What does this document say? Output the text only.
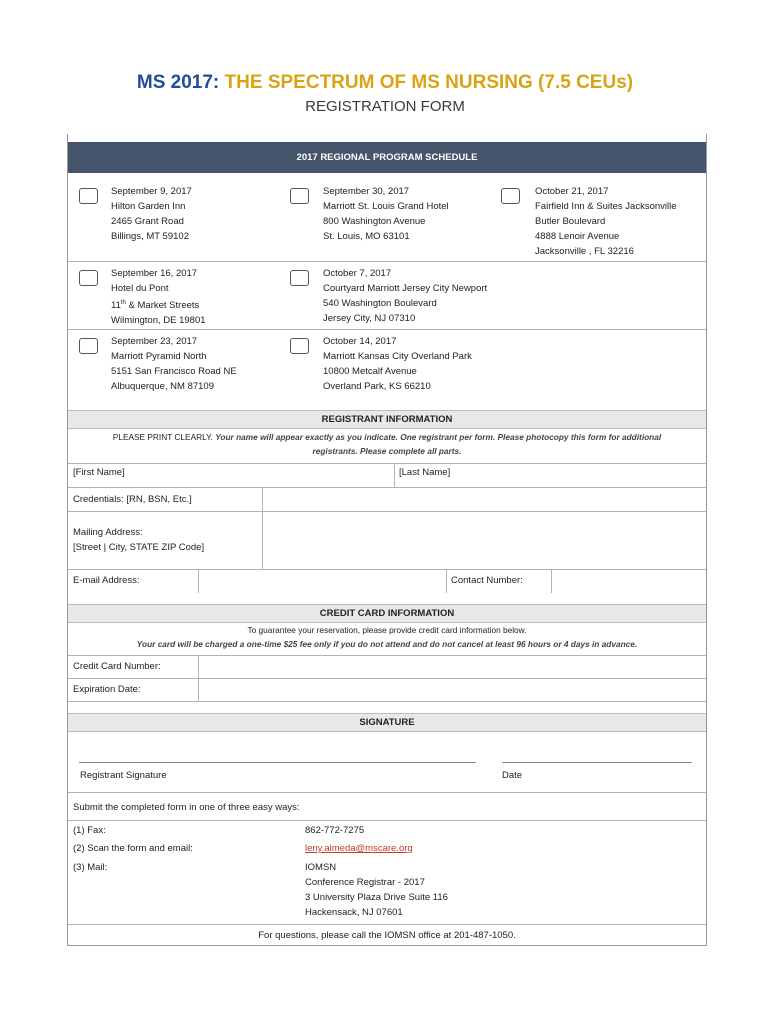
MS 2017: THE SPECTRUM OF MS NURSING (7.5 CEUs)
REGISTRATION FORM
2017 REGIONAL PROGRAM SCHEDULE
September 9, 2017
Hilton Garden Inn
2465 Grant Road
Billings, MT 59102
September 30, 2017
Marriott St. Louis Grand Hotel
800 Washington Avenue
St. Louis, MO 63101
October 21, 2017
Fairfield Inn & Suites Jacksonville
Butler Boulevard
4888 Lenoir Avenue
Jacksonville , FL 32216
September 16, 2017
Hotel du Pont
11th & Market Streets
Wilmington, DE 19801
October 7, 2017
Courtyard Marriott Jersey City Newport
540 Washington Boulevard
Jersey City, NJ 07310
September 23, 2017
Marriott Pyramid North
5151 San Francisco Road NE
Albuquerque, NM 87109
October 14, 2017
Marriott Kansas City Overland Park
10800 Metcalf Avenue
Overland Park, KS 66210
REGISTRANT INFORMATION
PLEASE PRINT CLEARLY. Your name will appear exactly as you indicate. One registrant per form. Please photocopy this form for additional
registrants. Please complete all parts.
[First Name]	[Last Name]
Credentials: [RN, BSN, Etc.]
Mailing Address:
[Street | City, STATE ZIP Code]
E-mail Address:	Contact Number:
CREDIT CARD INFORMATION
To guarantee your reservation, please provide credit card information below.
Your card will be charged a one-time $25 fee only if you do not attend and do not cancel at least 96 hours or 4 days in advance.
Credit Card Number:
Expiration Date:
SIGNATURE
Registrant Signature	Date
Submit the completed form in one of three easy ways:
(1) Fax:	862-772-7275
(2) Scan the form and email:	leny.almeda@mscare.org
(3) Mail:	IOMSN
Conference Registrar - 2017
3 University Plaza Drive Suite 116
Hackensack, NJ 07601
For questions, please call the IOMSN office at 201-487-1050.
